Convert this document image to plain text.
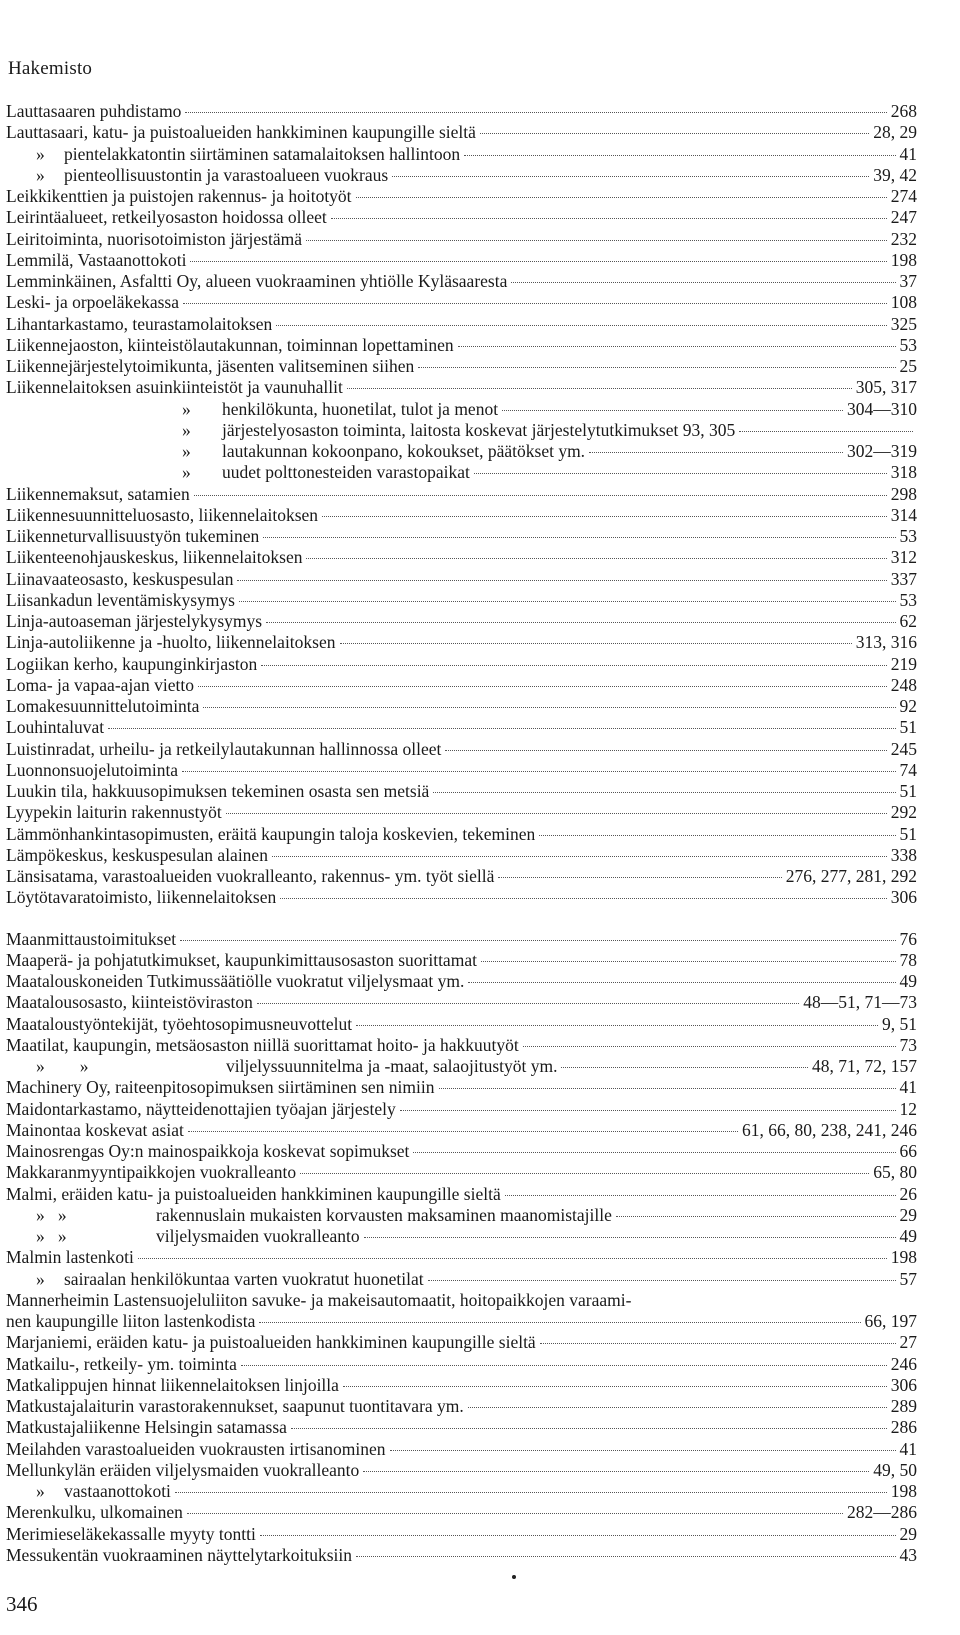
Hakemisto
Lauttasaaren puhdistamo	268
Lauttasaari, katu- ja puistoalueiden hankkiminen kaupungille sieltä	28, 29
»	pientelakkatontin siirtäminen satamalaitoksen hallintoon	41
»	pienteollisuustontin ja varastoalueen vuokraus	39, 42
Leikkikenttien ja puistojen rakennus- ja hoitotyöt	274
Leirintäalueet, retkeilyosaston hoidossa olleet	247
Leiritoiminta, nuorisotoimiston järjestämä	232
Lemmilä, Vastaanottokoti	198
Lemminkäinen, Asfaltti Oy, alueen vuokraaminen yhtiölle Kyläsaaresta	37
Leski- ja orpoeläkekassa	108
Lihantarkastamo, teurastamolaitoksen	325
Liikennejaoston, kiinteistölautakunnan, toiminnan lopettaminen	53
Liikennejärjestelytoimikunta, jäsenten valitseminen siihen	25
Liikennelaitoksen asuinkiinteistöt ja vaunuhallit	305, 317
»	henkilökunta, huonetilat, tulot ja menot	304—310
»	järjestelyosaston toiminta, laitosta koskevat järjestelytutkimukset 93, 305
»	lautakunnan kokoonpano, kokoukset, päätökset ym.	302—319
»	uudet polttonesteiden varastopaikat	318
Liikennemaksut, satamien	298
Liikennesuunnitteluosasto, liikennelaitoksen	314
Liikenneturvallisuustyön tukeminen	53
Liikenteenohjauskeskus, liikennelaitoksen	312
Liinavaateosasto, keskuspesulan	337
Liisankadun leventämiskysymys	53
Linja-autoaseman järjestelykysymys	62
Linja-autoliikenne ja -huolto, liikennelaitoksen	313, 316
Logiikan kerho, kaupunginkirjaston	219
Loma- ja vapaa-ajan vietto	248
Lomakesuunnittelutoiminta	92
Louhintaluvat	51
Luistinradat, urheilu- ja retkeilylautakunnan hallinnossa olleet	245
Luonnonsuojelutoiminta	74
Luukin tila, hakkuusopimuksen tekeminen osasta sen metsiä	51
Lyypekin laiturin rakennustyöt	292
Lämmönhankintasopimusten, eräitä kaupungin taloja koskevien, tekeminen	51
Lämpökeskus, keskuspesulan alainen	338
Länsisatama, varastoalueiden vuokralleanto, rakennus- ym. työt siellä	276, 277, 281, 292
Löytötavaratoimisto, liikennelaitoksen	306
Maanmittaustoimitukset	76
Maaperä- ja pohjatutkimukset, kaupunkimittausosaston suorittamat	78
Maatalouskoneiden Tutkimussäätiölle vuokratut viljelysmaat ym.	49
Maatalousosasto, kiinteistöviraston	48—51, 71—73
Maataloustyöntekijät, työehtosopimusneuvottelut	9, 51
Maatilat, kaupungin, metsäosaston niillä suorittamat hoito- ja hakkuutyöt	73
»        »	viljelyssuunnitelma ja -maat, salaojitustyöt ym.	48, 71, 72, 157
Machinery Oy, raiteenpitosopimuksen siirtäminen sen nimiin	41
Maidontarkastamo, näytteidenottajien työajan järjestely	12
Mainontaa koskevat asiat	61, 66, 80, 238, 241, 246
Mainosrengas Oy:n mainospaikkoja koskevat sopimukset	66
Makkaranmyyntipaikkojen vuokralleanto	65, 80
Malmi, eräiden katu- ja puistoalueiden hankkiminen kaupungille sieltä	26
»   »	rakennuslain mukaisten korvausten maksaminen maanomistajille	29
»   »	viljelysmaiden vuokralleanto	49
Malmin lastenkoti	198
»	sairaalan henkilökuntaa varten vuokratut huonetilat	57
Mannerheimin Lastensuojeluliiton savuke- ja makeisautomaatit, hoitopaikkojen varaami-
nen kaupungille liiton lastenkodista	66, 197
Marjaniemi, eräiden katu- ja puistoalueiden hankkiminen kaupungille sieltä	27
Matkailu-, retkeily- ym. toiminta	246
Matkalippujen hinnat liikennelaitoksen linjoilla	306
Matkustajalaiturin varastorakennukset, saapunut tuontitavara ym.	289
Matkustajaliikenne Helsingin satamassa	286
Meilahden varastoalueiden vuokrausten irtisanominen	41
Mellunkylän eräiden viljelysmaiden vuokralleanto	49, 50
»	vastaanottokoti	198
Merenkulku, ulkomainen	282—286
Merimieseläkekassalle myyty tontti	29
Messukentän vuokraaminen näyttelytarkoituksiin	43
346
